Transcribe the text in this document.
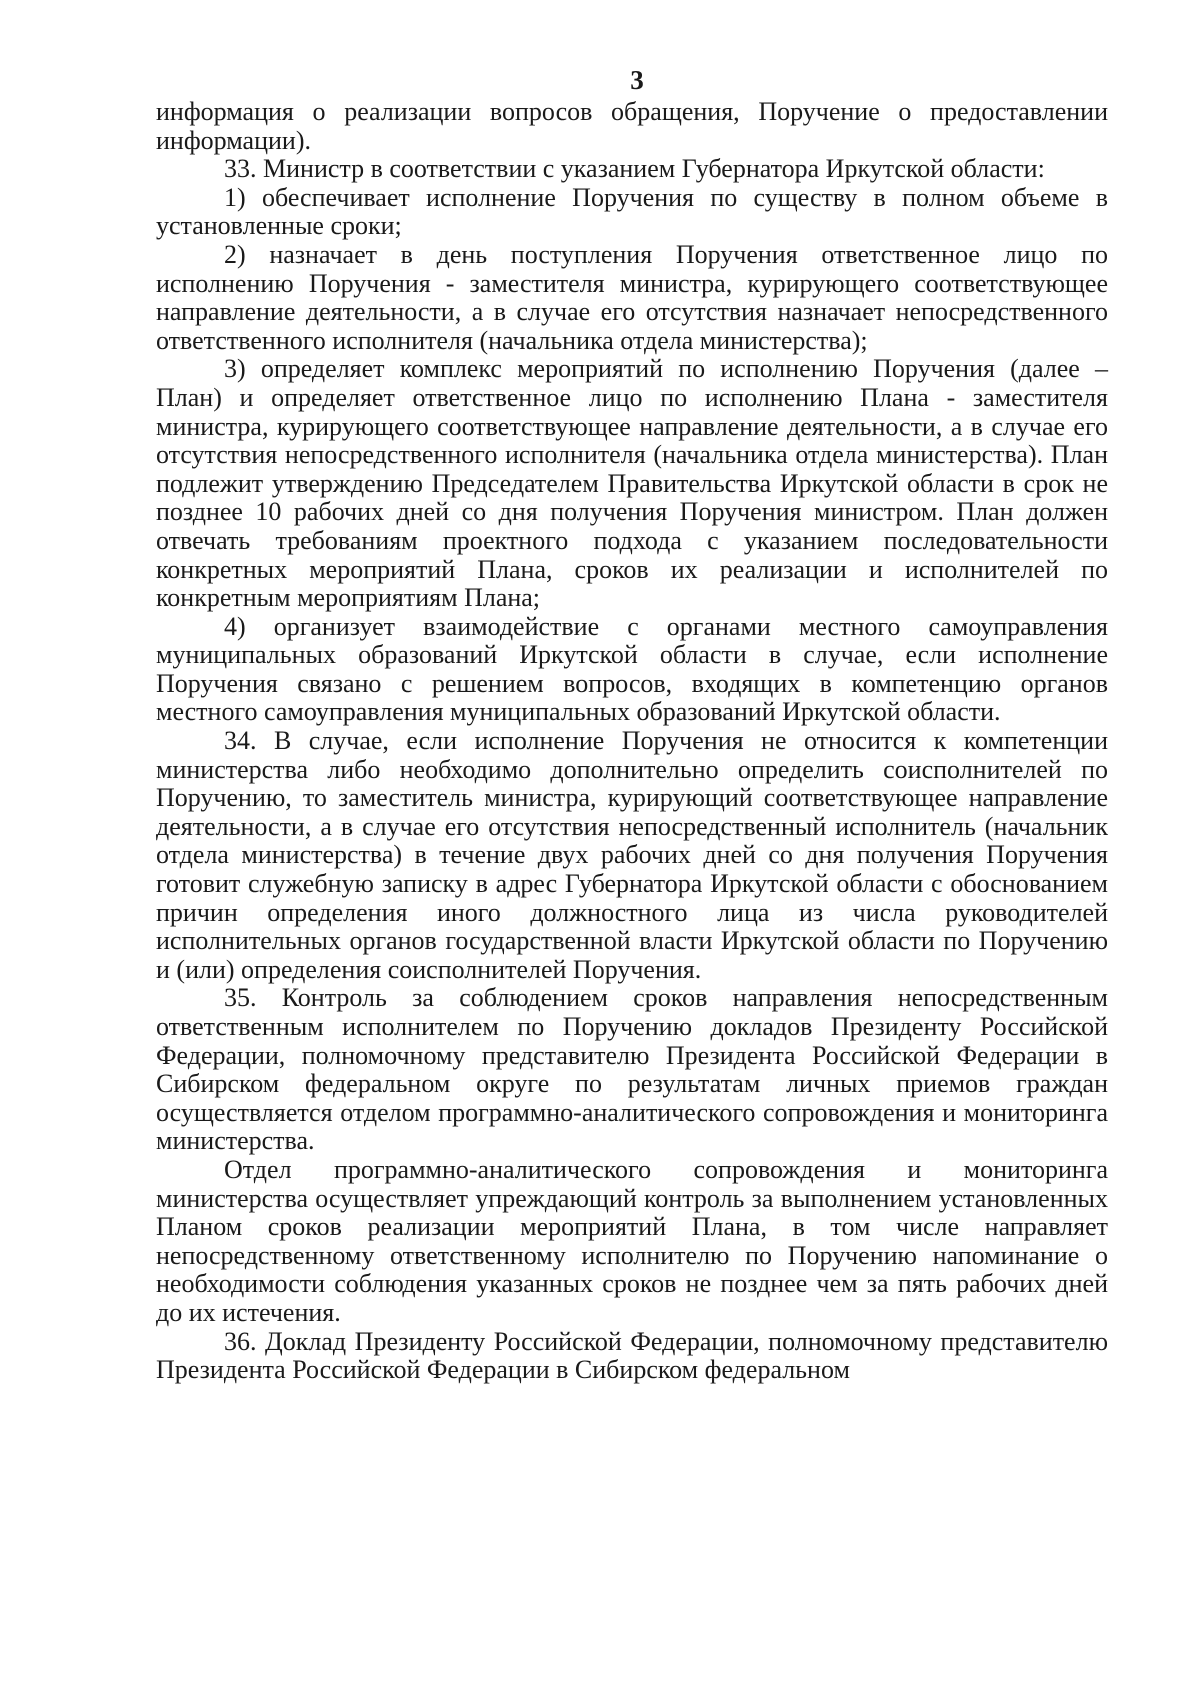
3

информация о реализации вопросов обращения, Поручение о предоставлении информации).

33. Министр в соответствии с указанием Губернатора Иркутской области:

1) обеспечивает исполнение Поручения по существу в полном объеме в установленные сроки;

2) назначает в день поступления Поручения ответственное лицо по исполнению Поручения - заместителя министра, курирующего соответствующее направление деятельности, а в случае его отсутствия назначает непосредственного ответственного исполнителя (начальника отдела министерства);

3) определяет комплекс мероприятий по исполнению Поручения (далее – План) и определяет ответственное лицо по исполнению Плана - заместителя министра, курирующего соответствующее направление деятельности, а в случае его отсутствия непосредственного исполнителя (начальника отдела министерства). План подлежит утверждению Председателем Правительства Иркутской области в срок не позднее 10 рабочих дней со дня получения Поручения министром. План должен отвечать требованиям проектного подхода с указанием последовательности конкретных мероприятий Плана, сроков их реализации и исполнителей по конкретным мероприятиям Плана;

4) организует взаимодействие с органами местного самоуправления муниципальных образований Иркутской области в случае, если исполнение Поручения связано с решением вопросов, входящих в компетенцию органов местного самоуправления муниципальных образований Иркутской области.

34. В случае, если исполнение Поручения не относится к компетенции министерства либо необходимо дополнительно определить соисполнителей по Поручению, то заместитель министра, курирующий соответствующее направление деятельности, а в случае его отсутствия непосредственный исполнитель (начальник отдела министерства) в течение двух рабочих дней со дня получения Поручения готовит служебную записку в адрес Губернатора Иркутской области с обоснованием причин определения иного должностного лица из числа руководителей исполнительных органов государственной власти Иркутской области по Поручению и (или) определения соисполнителей Поручения.

35. Контроль за соблюдением сроков направления непосредственным ответственным исполнителем по Поручению докладов Президенту Российской Федерации, полномочному представителю Президента Российской Федерации в Сибирском федеральном округе по результатам личных приемов граждан осуществляется отделом программно-аналитического сопровождения и мониторинга министерства.

Отдел программно-аналитического сопровождения и мониторинга министерства осуществляет упреждающий контроль за выполнением установленных Планом сроков реализации мероприятий Плана, в том числе направляет непосредственному ответственному исполнителю по Поручению напоминание о необходимости соблюдения указанных сроков не позднее чем за пять рабочих дней до их истечения.

36. Доклад Президенту Российской Федерации, полномочному представителю Президента Российской Федерации в Сибирском федеральном
